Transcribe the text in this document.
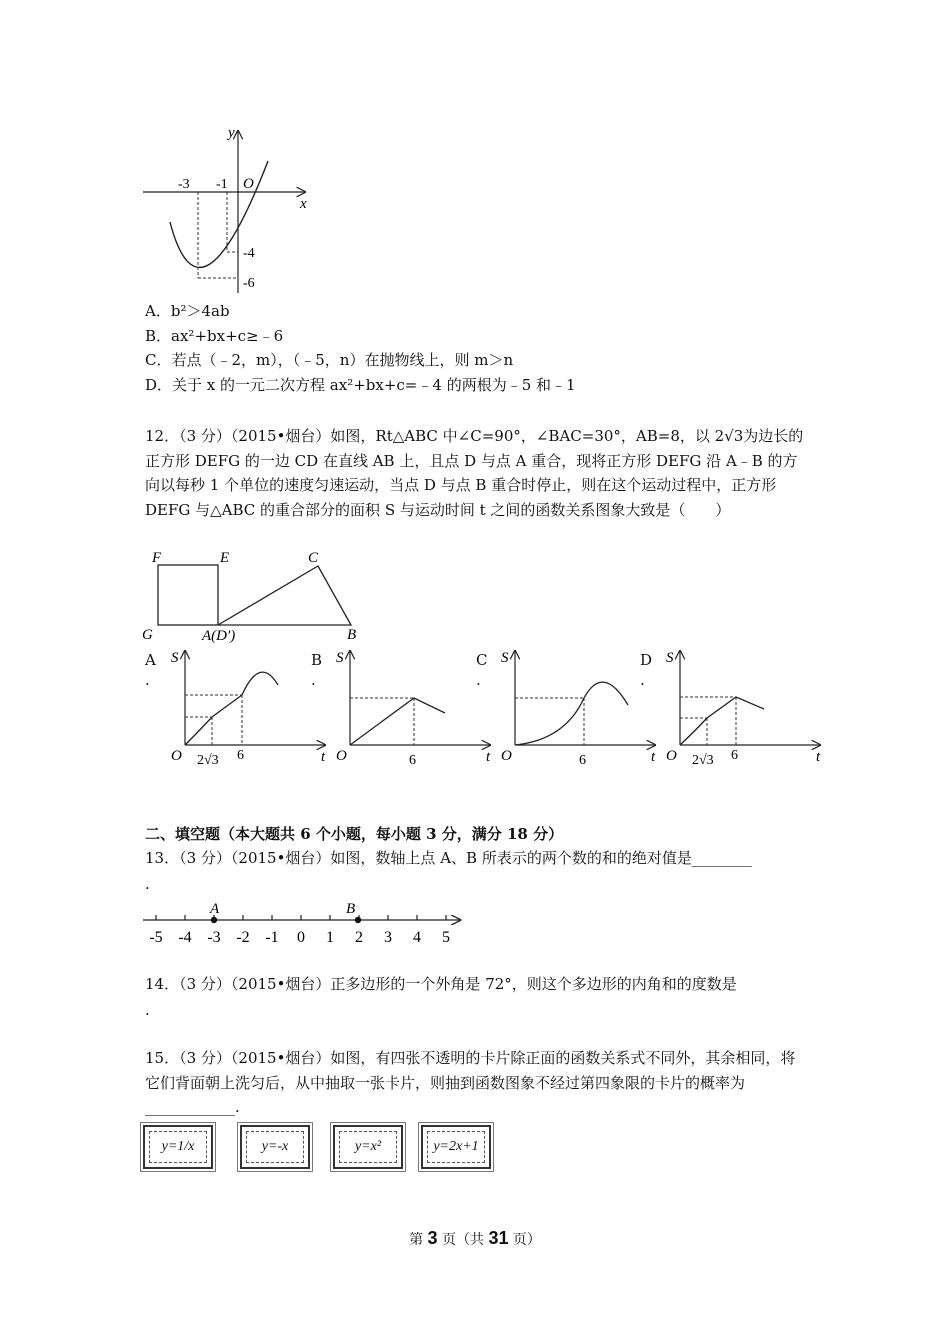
x
y
O
-3 -1
-4
-6
A．b²＞4ab
B．ax²+bx+c≥﹣6
C．若点（﹣2，m），（﹣5，n）在抛物线上，则 m＞n
D．关于 x 的一元二次方程 ax²+bx+c=﹣4 的两根为﹣5 和﹣1
12．（3 分）（2015•烟台）如图，Rt△ABC 中∠C=90°，∠BAC=30°，AB=8，以 2√3为边长的正方形 DEFG 的一边 CD 在直线 AB 上，且点 D 与点 A 重合，现将正方形 DEFG 沿 A﹣B 的方向以每秒 1 个单位的速度匀速运动，当点 D 与点 B 重合时停止，则在这个运动过程中，正方形 DEFG 与△ABC 的重合部分的面积 S 与运动时间 t 之间的函数关系图象大致是（　　）
F	E	C
G	A(D′)	B
A
.
S
t
O 2√3 6
B
.
S
t
O	6
C
.
S
t
O	6
D
.
S
t
O 2√3 6
二、填空题（本大题共 6 个小题，每小题 3 分，满分 18 分）
13．（3 分）（2015•烟台）如图，数轴上点 A、B 所表示的两个数的和的绝对值是________
.
-5 -4 -3 -2 -1 0 1 2 3 4 5
A	B
14．（3 分）（2015•烟台）正多边形的一个外角是 72°，则这个多边形的内角和的度数是
.
15．（3 分）（2015•烟台）如图，有四张不透明的卡片除正面的函数关系式不同外，其余相同，将它们背面朝上洗匀后，从中抽取一张卡片，则抽到函数图象不经过第四象限的卡片的概率为____________.
y=1/x	y=-x	y=x²	y=2x+1
第 3 页（共 31 页）
